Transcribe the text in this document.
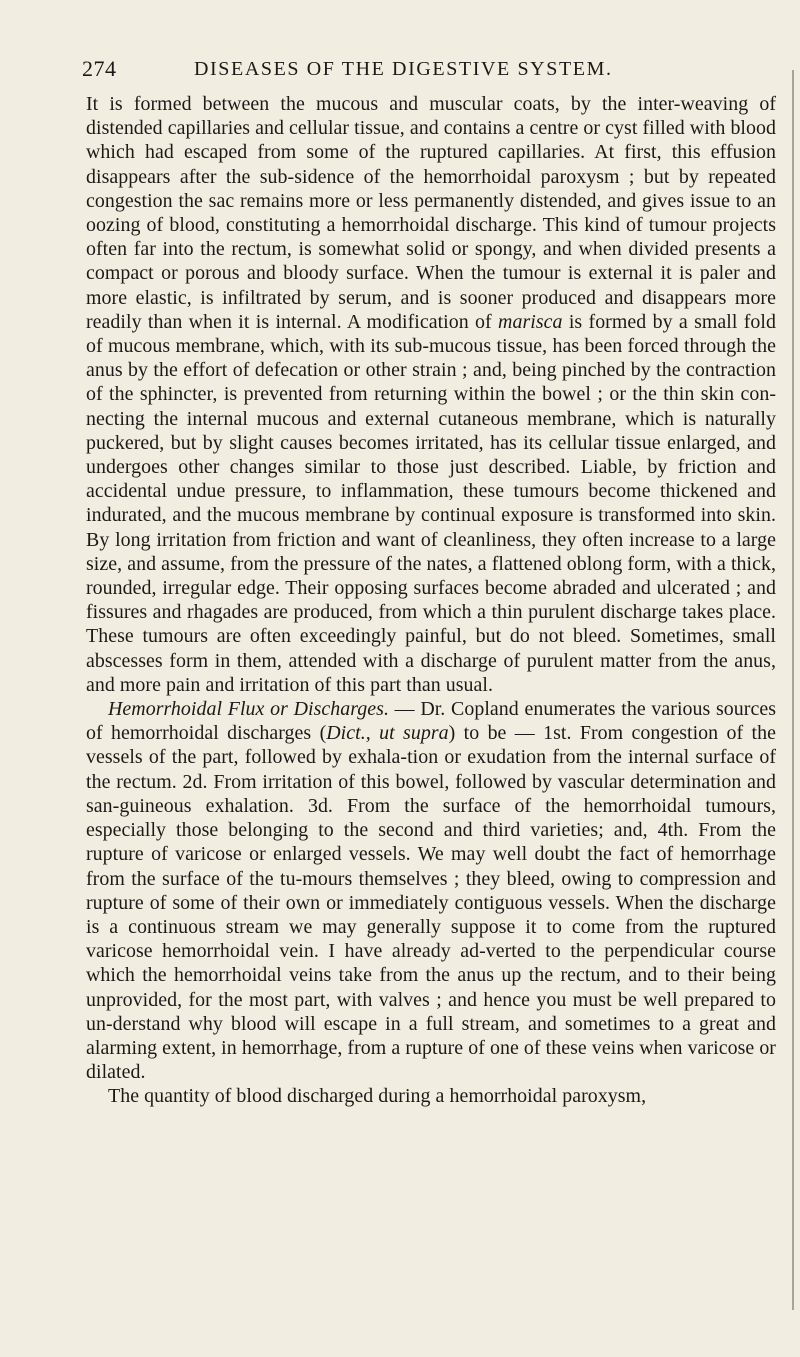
274	DISEASES OF THE DIGESTIVE SYSTEM.

It is formed between the mucous and muscular coats, by the inter-weaving of distended capillaries and cellular tissue, and contains a centre or cyst filled with blood which had escaped from some of the ruptured capillaries. At first, this effusion disappears after the sub-sidence of the hemorrhoidal paroxysm ; but by repeated congestion the sac remains more or less permanently distended, and gives issue to an oozing of blood, constituting a hemorrhoidal discharge. This kind of tumour projects often far into the rectum, is somewhat solid or spongy, and when divided presents a compact or porous and bloody surface. When the tumour is external it is paler and more elastic, is infiltrated by serum, and is sooner produced and disappears more readily than when it is internal. A modification of marisca is formed by a small fold of mucous membrane, which, with its sub-mucous tissue, has been forced through the anus by the effort of defecation or other strain ; and, being pinched by the contraction of the sphincter, is prevented from returning within the bowel ; or the thin skin con-necting the internal mucous and external cutaneous membrane, which is naturally puckered, but by slight causes becomes irritated, has its cellular tissue enlarged, and undergoes other changes similar to those just described. Liable, by friction and accidental undue pressure, to inflammation, these tumours become thickened and indurated, and the mucous membrane by continual exposure is transformed into skin. By long irritation from friction and want of cleanliness, they often increase to a large size, and assume, from the pressure of the nates, a flattened oblong form, with a thick, rounded, irregular edge. Their opposing surfaces become abraded and ulcerated ; and fissures and rhagades are produced, from which a thin purulent discharge takes place. These tumours are often exceedingly painful, but do not bleed. Sometimes, small abscesses form in them, attended with a discharge of purulent matter from the anus, and more pain and irritation of this part than usual.

Hemorrhoidal Flux or Discharges. — Dr. Copland enumerates the various sources of hemorrhoidal discharges (Dict., ut supra) to be — 1st. From congestion of the vessels of the part, followed by exhala-tion or exudation from the internal surface of the rectum. 2d. From irritation of this bowel, followed by vascular determination and san-guineous exhalation. 3d. From the surface of the hemorrhoidal tumours, especially those belonging to the second and third varieties; and, 4th. From the rupture of varicose or enlarged vessels. We may well doubt the fact of hemorrhage from the surface of the tu-mours themselves ; they bleed, owing to compression and rupture of some of their own or immediately contiguous vessels. When the discharge is a continuous stream we may generally suppose it to come from the ruptured varicose hemorrhoidal vein. I have already ad-verted to the perpendicular course which the hemorrhoidal veins take from the anus up the rectum, and to their being unprovided, for the most part, with valves ; and hence you must be well prepared to un-derstand why blood will escape in a full stream, and sometimes to a great and alarming extent, in hemorrhage, from a rupture of one of these veins when varicose or dilated.

The quantity of blood discharged during a hemorrhoidal paroxysm,
